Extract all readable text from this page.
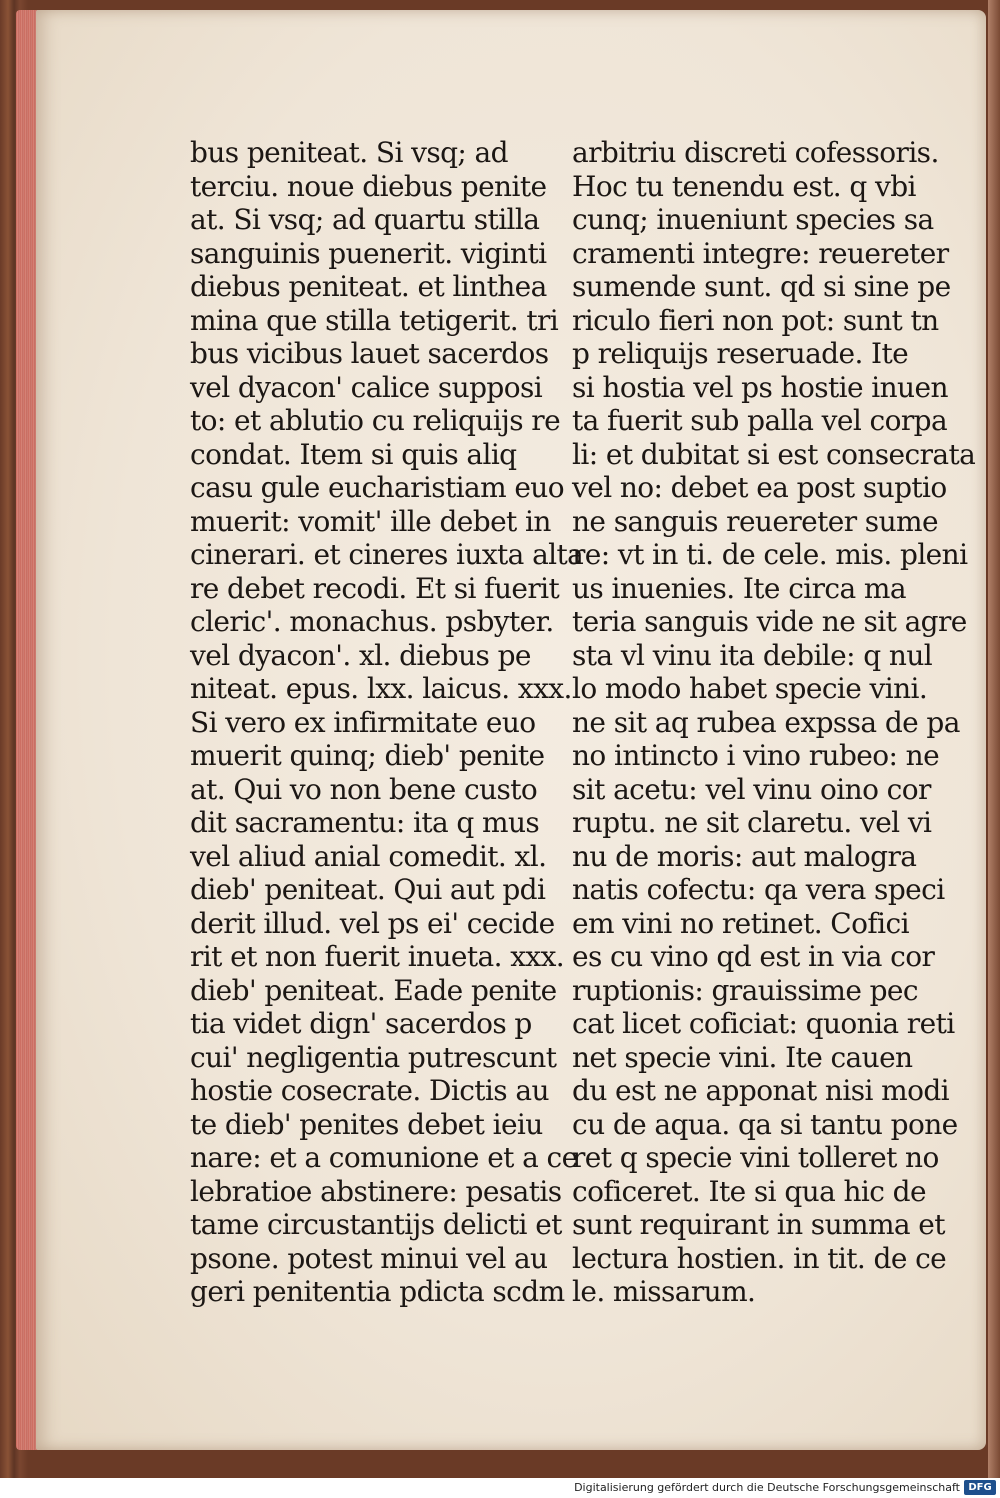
bus peniteat. Si vsq; ad
terciu. noue diebus penite
at. Si vsq; ad quartu stilla
sanguinis puenerit. viginti
diebus peniteat. et linthea
mina que stilla tetigerit. tri
bus vicibus lauet sacerdos
vel dyacon' calice supposi
to: et ablutio cu reliquijs re
condat. Item si quis aliq
casu gule eucharistiam euo
muerit: vomit' ille debet in
cinerari. et cineres iuxta alta
re debet recodi. Et si fuerit
cleric'. monachus. psbyter.
vel dyacon'. xl. diebus pe
niteat. epus. lxx. laicus. xxx.
Si vero ex infirmitate euo
muerit quinq; dieb' penite
at. Qui vo non bene custo
dit sacramentu: ita q mus
vel aliud anial comedit. xl.
dieb' peniteat. Qui aut pdi
derit illud. vel ps ei' cecide
rit et non fuerit inueta. xxx.
dieb' peniteat. Eade penite
tia videt dign' sacerdos p
cui' negligentia putrescunt
hostie cosecrate. Dictis au
te dieb' penites debet ieiu
nare: et a comunione et a ce
lebratioe abstinere: pesatis
tame circustantijs delicti et
psone. potest minui vel au
geri penitentia pdicta scdm
arbitriu discreti cofessoris.
Hoc tu tenendu est. q vbi
cunq; inueniunt species sa
cramenti integre: reuereter
sumende sunt. qd si sine pe
riculo fieri non pot: sunt tn
p reliquijs reseruade. Ite
si hostia vel ps hostie inuen
ta fuerit sub palla vel corpa
li: et dubitat si est consecrata
vel no: debet ea post suptio
ne sanguis reuereter sume
re: vt in ti. de cele. mis. pleni
us inuenies. Ite circa ma
teria sanguis vide ne sit agre
sta vl vinu ita debile: q nul
lo modo habet specie vini.
ne sit aq rubea expssa de pa
no intincto i vino rubeo: ne
sit acetu: vel vinu oino cor
ruptu. ne sit claretu. vel vi
nu de moris: aut malogra
natis cofectu: qa vera speci
em vini no retinet. Cofici
es cu vino qd est in via cor
ruptionis: grauissime pec
cat licet coficiat: quonia reti
net specie vini. Ite cauen
du est ne apponat nisi modi
cu de aqua. qa si tantu pone
ret q specie vini tolleret no
coficeret. Ite si qua hic de
sunt requirant in summa et
lectura hostien. in tit. de ce
le. missarum.
Digitalisierung gefördert durch die Deutsche Forschungsgemeinschaft DFG
